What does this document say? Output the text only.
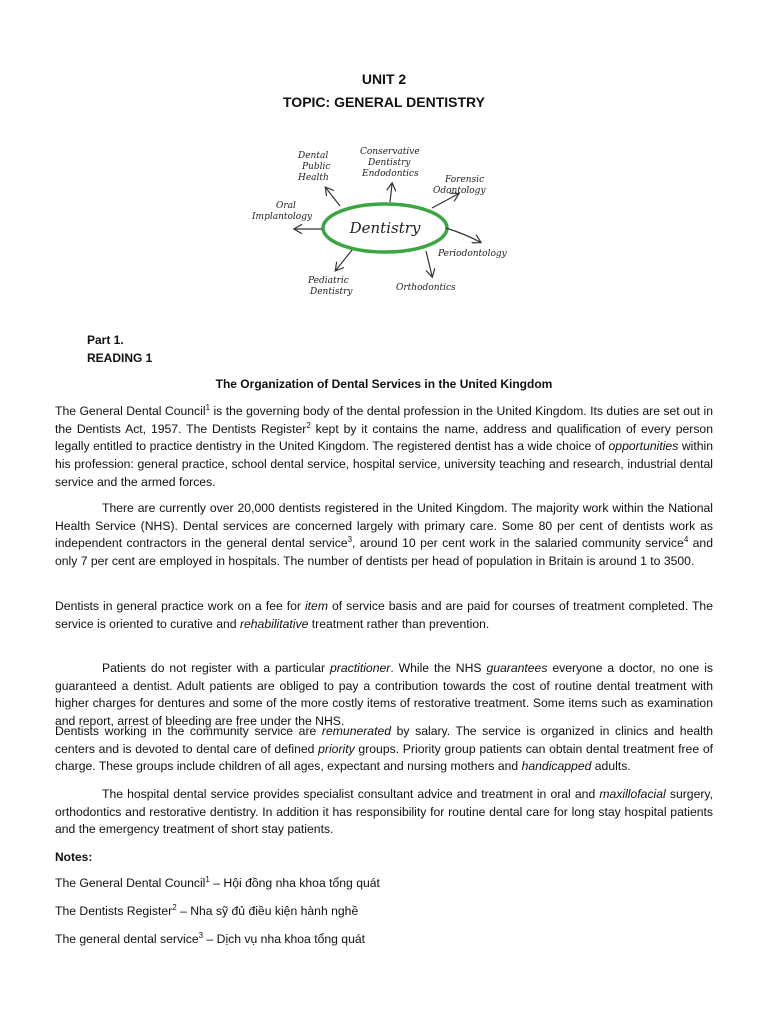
UNIT 2
TOPIC: GENERAL DENTISTRY
Dentistry
Dental
Public
Health
Conservative
Dentistry
Endodontics
Forensic
Odontology
Oral
Implantology
Periodontology
Pediatric
Dentistry	Orthodontics
Part 1.
READING 1
The Organization of Dental Services in the United Kingdom

The General Dental Council$^1$ is the governing body of the dental profession in the United Kingdom. Its duties are set out in the Dentists Act, 1957. The Dentists Register$^2$ kept by it contains the name, address and qualification of every person legally entitled to practice dentistry in the United Kingdom. The registered dentist has a wide choice of opportunities within his profession: general practice, school dental service, hospital service, university teaching and research, industrial dental service and the armed forces.

There are currently over 20,000 dentists registered in the United Kingdom. The majority work within the National Health Service (NHS). Dental services are concerned largely with primary care. Some 80 per cent of dentists work as independent contractors in the general dental service$^3$, around 10 per cent work in the salaried community service$^4$ and only 7 per cent are employed in hospitals. The number of dentists per head of population in Britain is around 1 to 3500.

Dentists in general practice work on a fee for item of service basis and are paid for courses of treatment completed. The service is oriented to curative and rehabilitative treatment rather than prevention.

Patients do not register with a particular practitioner. While the NHS guarantees everyone a doctor, no one is guaranteed a dentist. Adult patients are obliged to pay a contribution towards the cost of routine dental treatment with higher charges for dentures and some of the more costly items of restorative treatment. Some items such as examination and report, arrest of bleeding are free under the NHS.

Dentists working in the community service are remunerated by salary. The service is organized in clinics and health centers and is devoted to dental care of defined priority groups. Priority group patients can obtain dental treatment free of charge. These groups include children of all ages, expectant and nursing mothers and handicapped adults.

The hospital dental service provides specialist consultant advice and treatment in oral and maxillofacial surgery, orthodontics and restorative dentistry. In addition it has responsibility for routine dental care for long stay hospital patients and the emergency treatment of short stay patients.

Notes:
The General Dental Council$^1$ – Hội đồng nha khoa tổng quát
The Dentists Register$^2$ – Nha sỹ đủ điều kiện hành nghề
The general dental service$^3$ – Dịch vụ nha khoa tổng quát
